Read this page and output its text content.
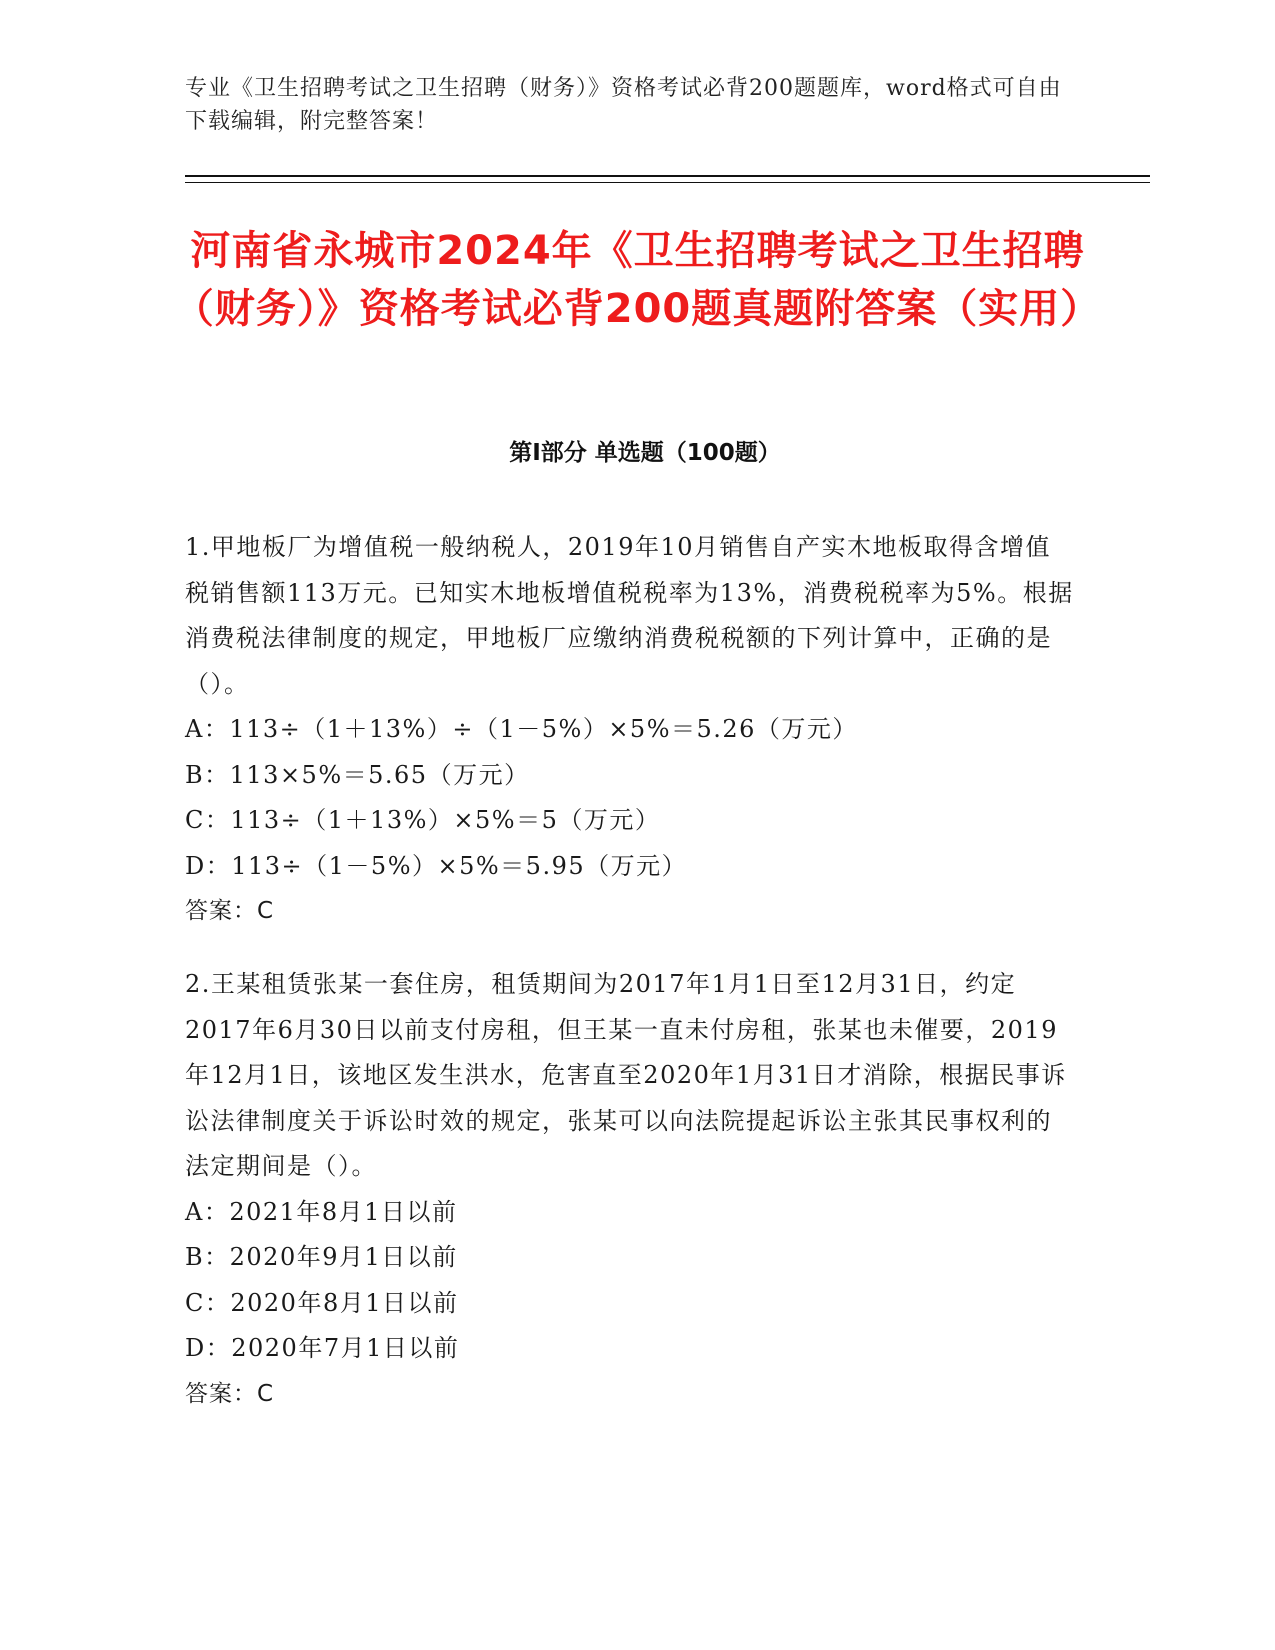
专业《卫生招聘考试之卫生招聘（财务）》资格考试必背200题题库，word格式可自由下载编辑，附完整答案！

河南省永城市2024年《卫生招聘考试之卫生招聘（财务）》资格考试必背200题真题附答案（实用）
第Ⅰ部分 单选题（100题）

1.甲地板厂为增值税一般纳税人，2019年10月销售自产实木地板取得含增值税销售额113万元。已知实木地板增值税税率为13%，消费税税率为5%。根据消费税法律制度的规定，甲地板厂应缴纳消费税税额的下列计算中，正确的是（）。

A：113÷（1＋13%）÷（1－5%）×5%＝5.26（万元）

B：113×5%＝5.65（万元）

C：113÷（1＋13%）×5%＝5（万元）

D：113÷（1－5%）×5%＝5.95（万元）

答案：C

2.王某租赁张某一套住房，租赁期间为2017年1月1日至12月31日，约定2017年6月30日以前支付房租，但王某一直未付房租，张某也未催要，2019年12月1日，该地区发生洪水，危害直至2020年1月31日才消除，根据民事诉讼法律制度关于诉讼时效的规定，张某可以向法院提起诉讼主张其民事权利的法定期间是（）。

A：2021年8月1日以前

B：2020年9月1日以前

C：2020年8月1日以前

D：2020年7月1日以前

答案：C
